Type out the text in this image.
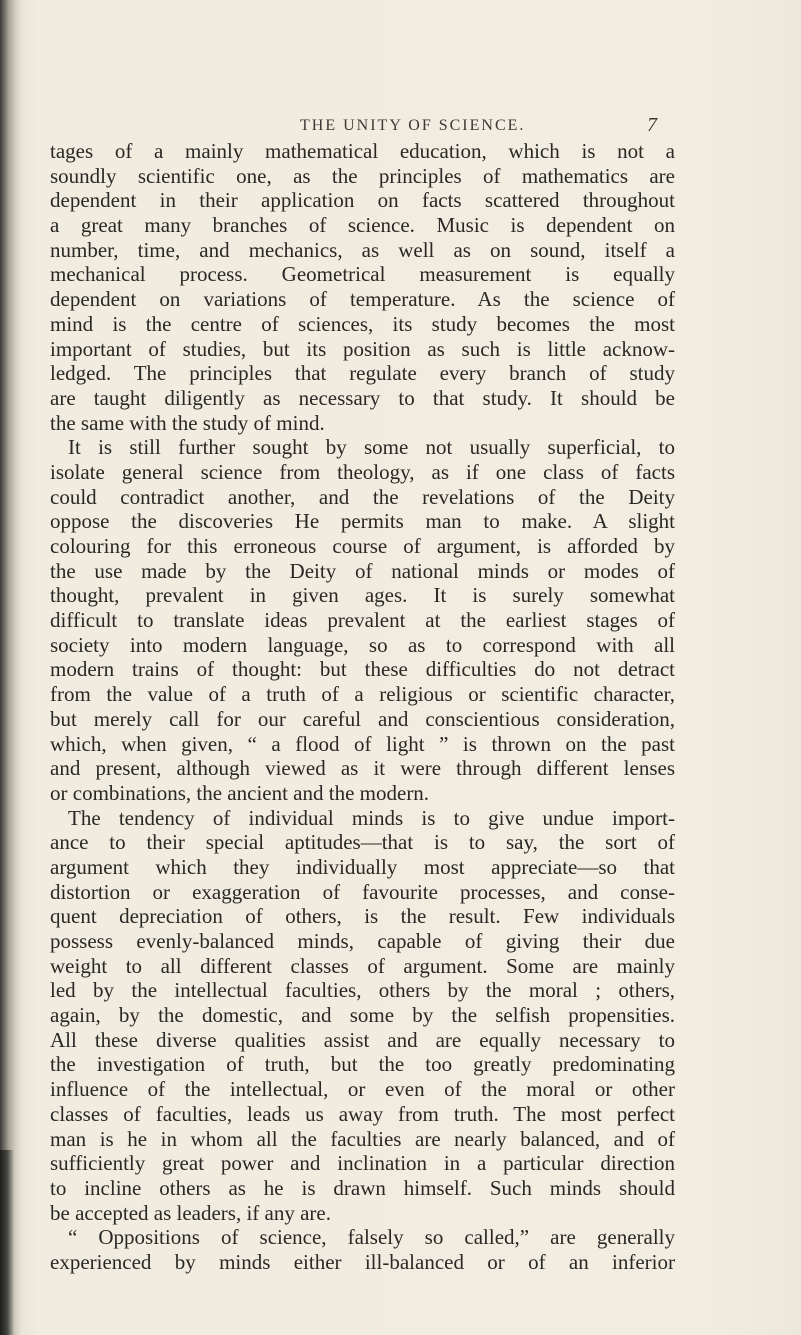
THE UNITY OF SCIENCE.	7
tages of a mainly mathematical education, which is not a
soundly scientific one, as the principles of mathematics are
dependent in their application on facts scattered throughout
a great many branches of science. Music is dependent on
number, time, and mechanics, as well as on sound, itself a
mechanical process. Geometrical measurement is equally
dependent on variations of temperature. As the science of
mind is the centre of sciences, its study becomes the most
important of studies, but its position as such is little acknow-
ledged. The principles that regulate every branch of study
are taught diligently as necessary to that study. It should be
the same with the study of mind.
It is still further sought by some not usually superficial, to
isolate general science from theology, as if one class of facts
could contradict another, and the revelations of the Deity
oppose the discoveries He permits man to make. A slight
colouring for this erroneous course of argument, is afforded by
the use made by the Deity of national minds or modes of
thought, prevalent in given ages. It is surely somewhat
difficult to translate ideas prevalent at the earliest stages of
society into modern language, so as to correspond with all
modern trains of thought: but these difficulties do not detract
from the value of a truth of a religious or scientific character,
but merely call for our careful and conscientious consideration,
which, when given, “ a flood of light ” is thrown on the past
and present, although viewed as it were through different lenses
or combinations, the ancient and the modern.
The tendency of individual minds is to give undue import-
ance to their special aptitudes—that is to say, the sort of
argument which they individually most appreciate—so that
distortion or exaggeration of favourite processes, and conse-
quent depreciation of others, is the result. Few individuals
possess evenly-balanced minds, capable of giving their due
weight to all different classes of argument. Some are mainly
led by the intellectual faculties, others by the moral ; others,
again, by the domestic, and some by the selfish propensities.
All these diverse qualities assist and are equally necessary to
the investigation of truth, but the too greatly predominating
influence of the intellectual, or even of the moral or other
classes of faculties, leads us away from truth. The most perfect
man is he in whom all the faculties are nearly balanced, and of
sufficiently great power and inclination in a particular direction
to incline others as he is drawn himself. Such minds should
be accepted as leaders, if any are.
“ Oppositions of science, falsely so called,” are generally
experienced by minds either ill-balanced or of an inferior
